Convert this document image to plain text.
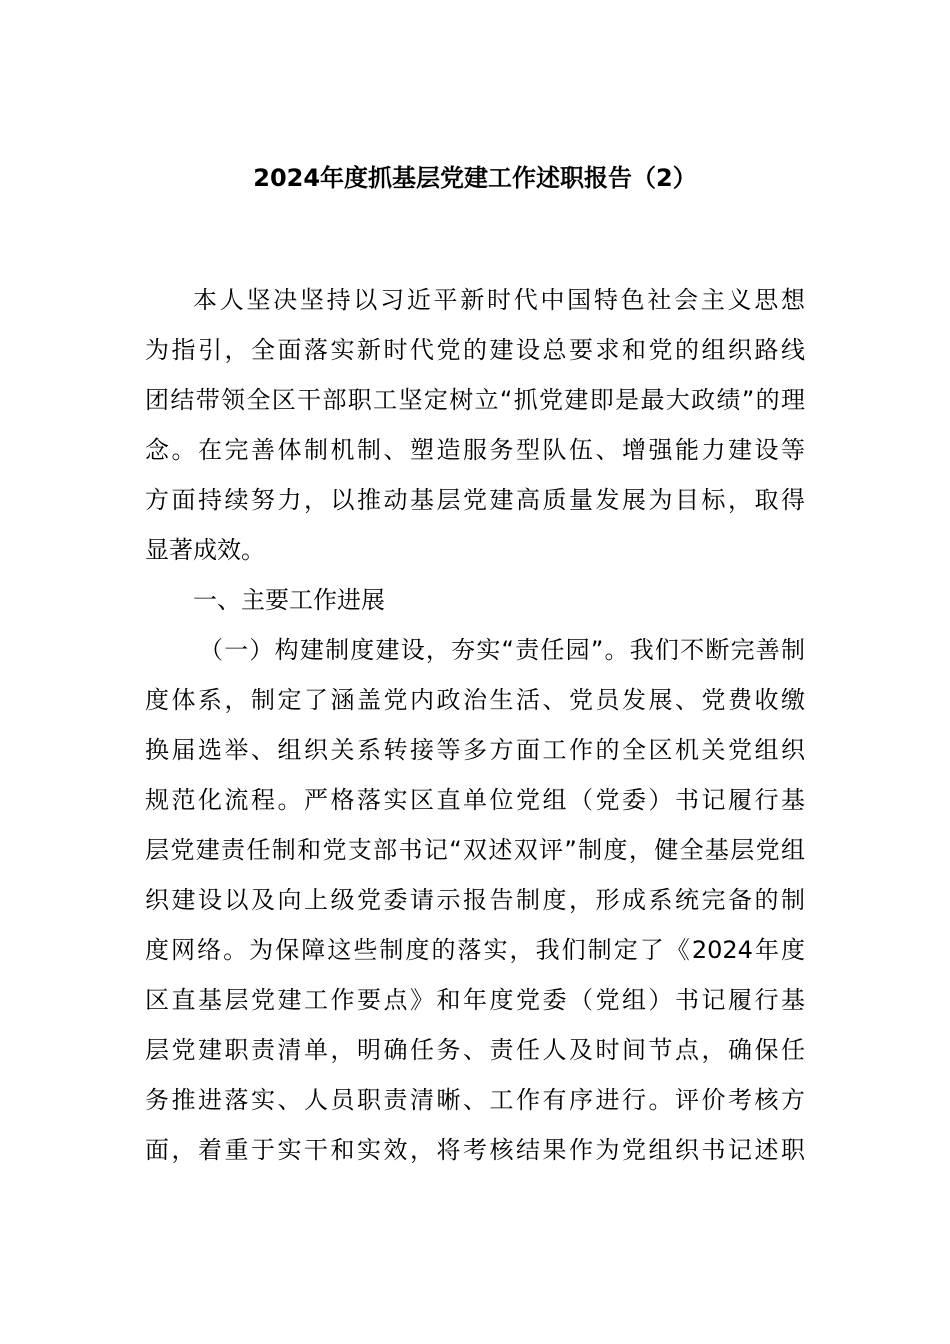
2024年度抓基层党建工作述职报告（2）
本人坚决坚持以习近平新时代中国特色社会主义思想
为指引，全面落实新时代党的建设总要求和党的组织路线
团结带领全区干部职工坚定树立“抓党建即是最大政绩”的理
念。在完善体制机制、塑造服务型队伍、增强能力建设等
方面持续努力，以推动基层党建高质量发展为目标，取得
显著成效。
一、主要工作进展
（一）构建制度建设，夯实“责任园”。我们不断完善制
度体系，制定了涵盖党内政治生活、党员发展、党费收缴
换届选举、组织关系转接等多方面工作的全区机关党组织
规范化流程。严格落实区直单位党组（党委）书记履行基
层党建责任制和党支部书记“双述双评”制度，健全基层党组
织建设以及向上级党委请示报告制度，形成系统完备的制
度网络。为保障这些制度的落实，我们制定了《2024年度
区直基层党建工作要点》和年度党委（党组）书记履行基
层党建职责清单，明确任务、责任人及时间节点，确保任
务推进落实、人员职责清晰、工作有序进行。评价考核方
面，着重于实干和实效，将考核结果作为党组织书记述职
